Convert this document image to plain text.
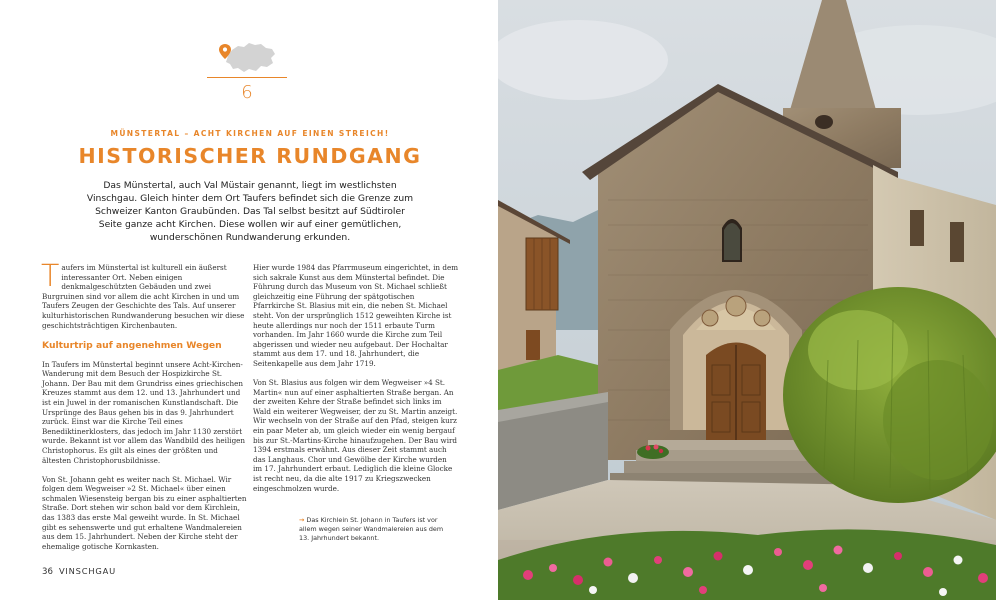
6
MÜNSTERTAL – ACHT KIRCHEN AUF EINEN STREICH!
HISTORISCHER RUNDGANG
Das Münstertal, auch Val Müstair genannt, liegt im westlichsten Vinschgau. Gleich hinter dem Ort Taufers befindet sich die Grenze zum Schweizer Kanton Graubünden. Das Tal selbst besitzt auf Südtiroler Seite ganze acht Kirchen. Diese wollen wir auf einer gemütlichen, wunderschönen Rundwanderung erkunden.

Taufers im Münstertal ist kulturell ein äußerst interessanter Ort. Neben einigen denkmalgeschützten Gebäuden und zwei Burgruinen sind vor allem die acht Kirchen in und um Taufers Zeugen der Geschichte des Tals. Auf unserer kulturhistorischen Rundwanderung besuchen wir diese geschichtsträchtigen Kirchenbauten.

Kulturtrip auf angenehmen Wegen

In Taufers im Münstertal beginnt unsere Acht-Kirchen-Wanderung mit dem Besuch der Hospizkirche St. Johann. Der Bau mit dem Grundriss eines griechischen Kreuzes stammt aus dem 12. und 13. Jahrhundert und ist ein Juwel in der romanischen Kunstlandschaft. Die Ursprünge des Baus gehen bis in das 9. Jahrhundert zurück. Einst war die Kirche Teil eines Benediktinerklosters, das jedoch im Jahr 1130 zerstört wurde. Bekannt ist vor allem das Wandbild des heiligen Christophorus. Es gilt als eines der größten und ältesten Christophorusbildnisse.

Von St. Johann geht es weiter nach St. Michael. Wir folgen dem Wegweiser »2 St. Michael« über einen schmalen Wiesensteig bergan bis zu einer asphaltierten Straße. Dort stehen wir schon bald vor dem Kirchlein, das 1383 das erste Mal geweiht wurde. In St. Michael gibt es sehenswerte und gut erhaltene Wandmalereien aus dem 15. Jahrhundert. Neben der Kirche steht der ehemalige gotische Kornkasten.

Hier wurde 1984 das Pfarrmuseum eingerichtet, in dem sich sakrale Kunst aus dem Münstertal befindet. Die Führung durch das Museum von St. Michael schließt gleichzeitig eine Führung der spätgotischen Pfarrkirche St. Blasius mit ein, die neben St. Michael steht. Von der ursprünglich 1512 geweihten Kirche ist heute allerdings nur noch der 1511 erbaute Turm vorhanden. Im Jahr 1660 wurde die Kirche zum Teil abgerissen und wieder neu aufgebaut. Der Hochaltar stammt aus dem 17. und 18. Jahrhundert, die Seitenkapelle aus dem Jahr 1719.

Von St. Blasius aus folgen wir dem Wegweiser »4 St. Martin« nun auf einer asphaltierten Straße bergan. An der zweiten Kehre der Straße befindet sich links im Wald ein weiterer Wegweiser, der zu St. Martin anzeigt. Wir wechseln von der Straße auf den Pfad, steigen kurz ein paar Meter ab, um gleich wieder ein wenig bergauf bis zur St.-Martins-Kirche hinaufzugehen. Der Bau wird 1394 erstmals erwähnt. Aus dieser Zeit stammt auch das Langhaus. Chor und Gewölbe der Kirche wurden im 17. Jahrhundert erbaut. Lediglich die kleine Glocke ist recht neu, da die alte 1917 zu Kriegszwecken eingeschmolzen wurde.

→ Das Kirchlein St. Johann in Taufers ist vor allem wegen seiner Wandmalereien aus dem 13. Jahrhundert bekannt.
36 VINSCHGAU
